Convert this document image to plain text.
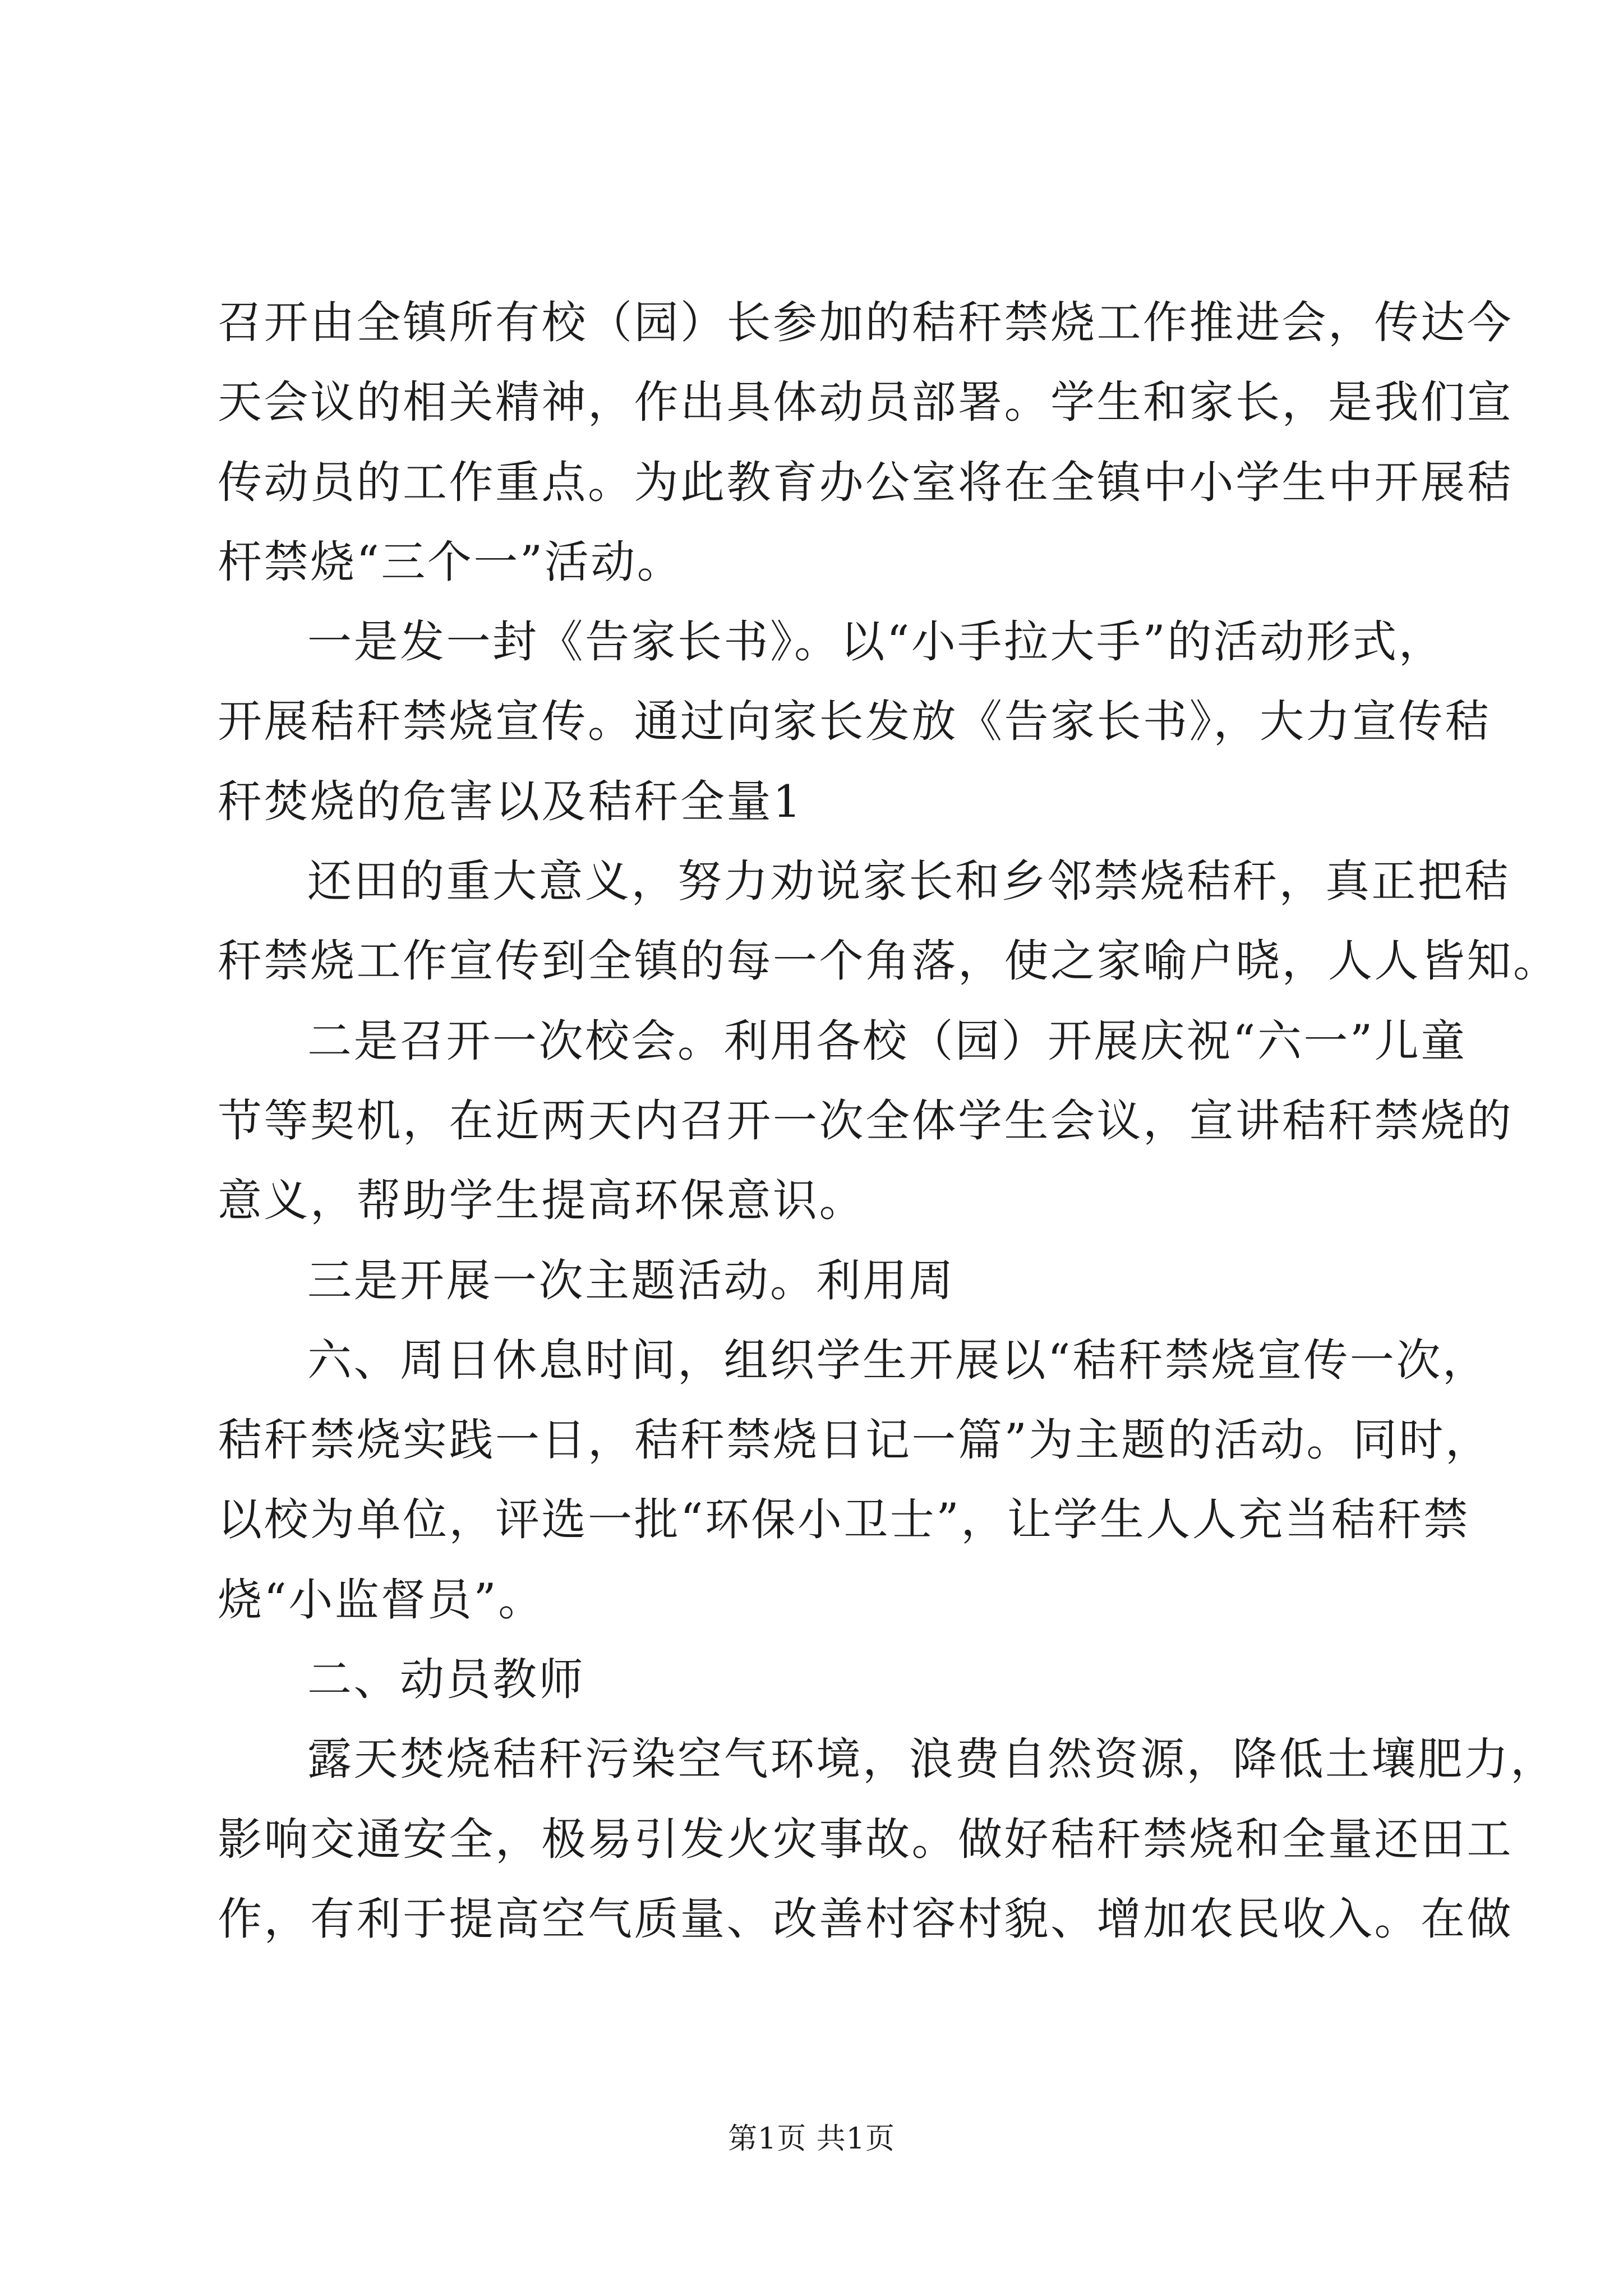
召开由全镇所有校（园）长参加的秸秆禁烧工作推进会，传达今
天会议的相关精神，作出具体动员部署。学生和家长，是我们宣
传动员的工作重点。为此教育办公室将在全镇中小学生中开展秸
杆禁烧“三个一”活动。
一是发一封《告家长书》。以“小手拉大手”的活动形式，
开展秸秆禁烧宣传。通过向家长发放《告家长书》，大力宣传秸
秆焚烧的危害以及秸秆全量1
还田的重大意义，努力劝说家长和乡邻禁烧秸秆，真正把秸
秆禁烧工作宣传到全镇的每一个角落，使之家喻户晓，人人皆知。
二是召开一次校会。利用各校（园）开展庆祝“六一”儿童
节等契机，在近两天内召开一次全体学生会议，宣讲秸秆禁烧的
意义，帮助学生提高环保意识。
三是开展一次主题活动。利用周
六、周日休息时间，组织学生开展以“秸秆禁烧宣传一次，
秸秆禁烧实践一日，秸秆禁烧日记一篇”为主题的活动。同时，
以校为单位，评选一批“环保小卫士”，让学生人人充当秸秆禁
烧“小监督员”。
二、动员教师
露天焚烧秸秆污染空气环境，浪费自然资源，降低土壤肥力，
影响交通安全，极易引发火灾事故。做好秸秆禁烧和全量还田工
作，有利于提高空气质量、改善村容村貌、增加农民收入。在做
第1页 共1页
